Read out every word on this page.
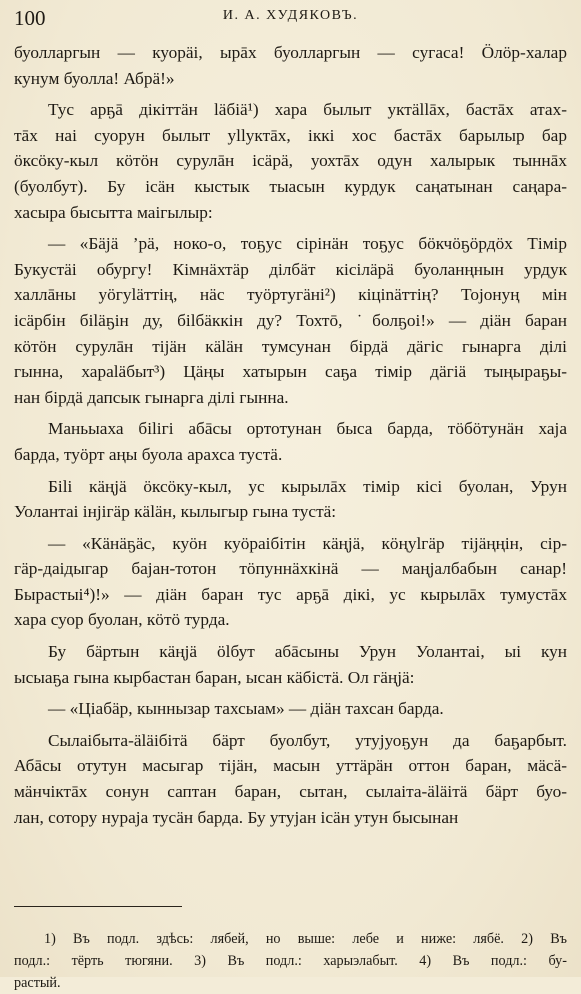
100	И. А. ХУДЯКОВЪ.
буолларгын — куорäі, ырāх буолларгын — сугаса! Öлöр-халар
кунум буолла! Абрä!»
Тус арҕā дікіттäн läбiä¹) хара былыт уктällāх, бастāх атах-
тāх наі суорун былыт уllуктāх, іккі хос бастāх барылыр бар
öксöку-кыл кöтöн сурулāн ісäрä, уохтāх одун халырык тыннāх
(буолбут). Бу ісäн кыстык тыасын курдук саңатынан саңара-
хасыра бысытта маігылыр:
— «Бäjä ’рä, ноко-о, тоҕус сірінäн тоҕус бöкчöҕöрдöх Тімір
Букустäі обургу! Кімнäхтäр ділбäт кісілäрä буоланңнын урдук
халлāны уöгуläттің, нäс туöртугäні²) кіціnäттің? Тоjонуң мін
ісäрбін біläҕін ду, біlбäккін ду? Тохтō, ˙болҕоі!» — діäн баран
кöтöн сурулāн тіjäн кäläн тумсунан бірдä дäгіс гынарга ділі
гынна, хараläбыт³) Цäңы хатырын саҕа тімір дäгіä тыңыраҕы-
нан бірдä дапсык гынарга ділі гынна.
Маньыаха біlігі абāсы ортотунан быса барда, тöбöтунäн хаjа
барда, туöрт аңы буола арахса тустä.
Біlі кäңjä öксöку-кыл, ус кырылāх тімір кісі буолан, Урун
Уолантаі інjігäр кäläн, кылыгыр гына тустä:
— «Кäнäҕäс, куöн куöраібітін кäңjä, кöңуlгäр тіjäңңін, сір-
гäр-даідыгар баjан-тотон тöпуннäхкінä — маңjалбабын санар!
Быраcтыі⁴)!» — діäн баран тус арҕā дікі, ус кырылāх тумустāх
хара суор буолан, кöтö турда.
Бу бäртын кäңjä ölбут абāсыны Урун Уолантаі, ыі кун
ысыаҕа гына кырбастан баран, ысан кäбістä. Ол гäңjä:
— «Цiабäр, кыннызар тахсыам» — діäн тахсан барда.
Сылаібыта-äläібітä бäрт буолбут, утуjуоҕун да баҕарбыт.
Абāсы отутун масыгар тіjäн, масын уттäрäн оттон баран, мäсä-
мäнчіктāх сонун саптан баран, сытан, сылаіта-äläітä бäрт буо-
лан, сотору нураjа тусäн барда. Бу утуjан ісäн утун бысынан
1) Въ подл. здѣсь: лябей, но выше: лебе и ниже: лябё. 2) Въ
подл.: тёрть тюгяни. 3) Въ подл.: харыэлабыт. 4) Въ подл.: бу-
растый.
